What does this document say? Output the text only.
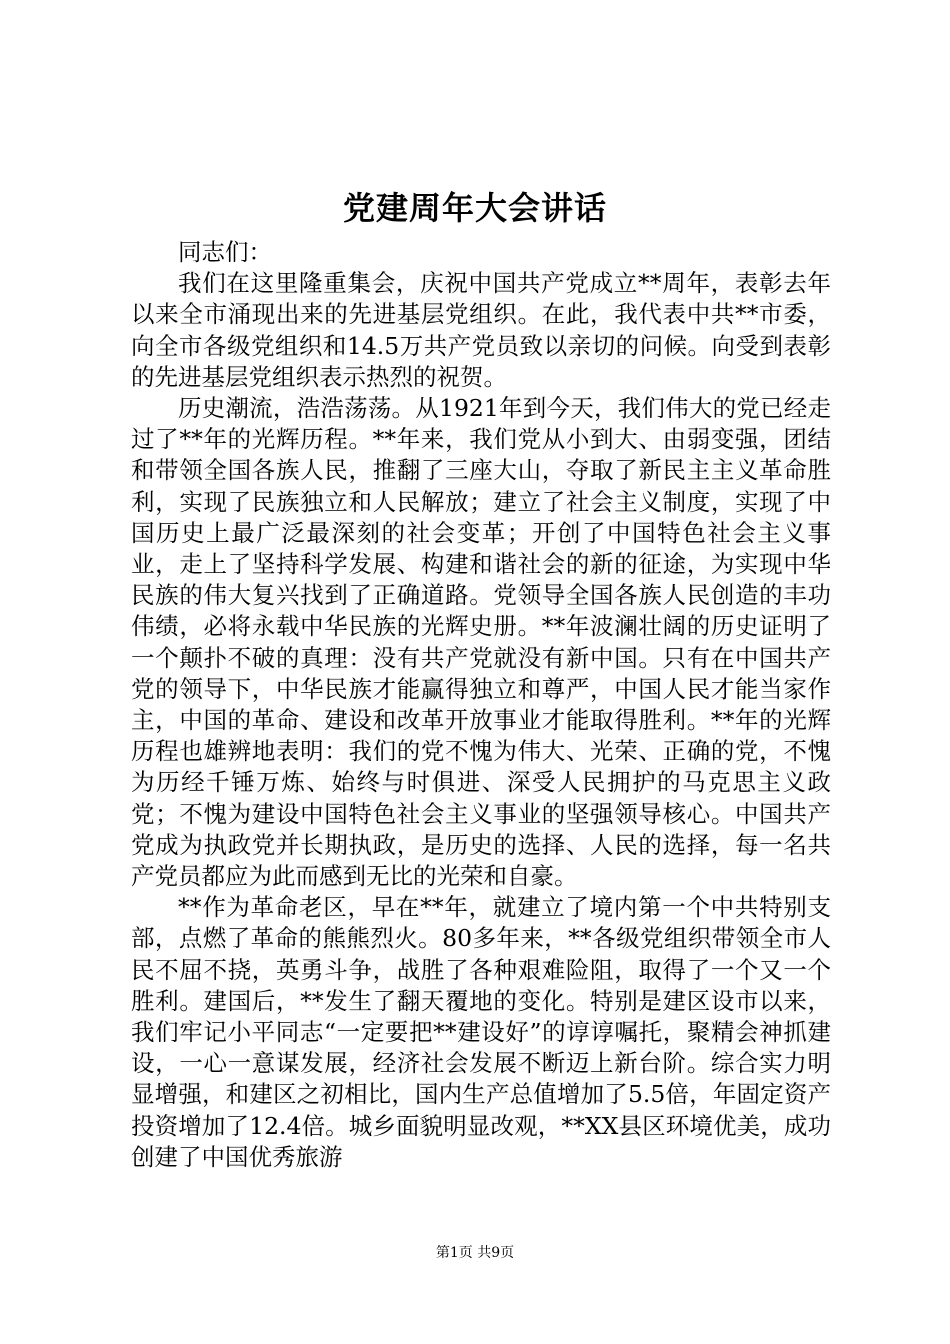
党建周年大会讲话

同志们：

我们在这里隆重集会，庆祝中国共产党成立**周年，表彰去年以来全市涌现出来的先进基层党组织。在此，我代表中共**市委，向全市各级党组织和14.5万共产党员致以亲切的问候。向受到表彰的先进基层党组织表示热烈的祝贺。

历史潮流，浩浩荡荡。从1921年到今天，我们伟大的党已经走过了**年的光辉历程。**年来，我们党从小到大、由弱变强，团结和带领全国各族人民，推翻了三座大山，夺取了新民主主义革命胜利，实现了民族独立和人民解放；建立了社会主义制度，实现了中国历史上最广泛最深刻的社会变革；开创了中国特色社会主义事业，走上了坚持科学发展、构建和谐社会的新的征途，为实现中华民族的伟大复兴找到了正确道路。党领导全国各族人民创造的丰功伟绩，必将永载中华民族的光辉史册。**年波澜壮阔的历史证明了一个颠扑不破的真理：没有共产党就没有新中国。只有在中国共产党的领导下，中华民族才能赢得独立和尊严，中国人民才能当家作主，中国的革命、建设和改革开放事业才能取得胜利。**年的光辉历程也雄辨地表明：我们的党不愧为伟大、光荣、正确的党，不愧为历经千锤万炼、始终与时俱进、深受人民拥护的马克思主义政党；不愧为建设中国特色社会主义事业的坚强领导核心。中国共产党成为执政党并长期执政，是历史的选择、人民的选择，每一名共产党员都应为此而感到无比的光荣和自豪。

**作为革命老区，早在**年，就建立了境内第一个中共特别支部，点燃了革命的熊熊烈火。80多年来，**各级党组织带领全市人民不屈不挠，英勇斗争，战胜了各种艰难险阻，取得了一个又一个胜利。建国后，**发生了翻天覆地的变化。特别是建区设市以来，我们牢记小平同志“一定要把**建设好”的谆谆嘱托，聚精会神抓建设，一心一意谋发展，经济社会发展不断迈上新台阶。综合实力明显增强，和建区之初相比，国内生产总值增加了5.5倍，年固定资产投资增加了12.4倍。城乡面貌明显改观，**XX县区环境优美，成功创建了中国优秀旅游

第1页 共9页
